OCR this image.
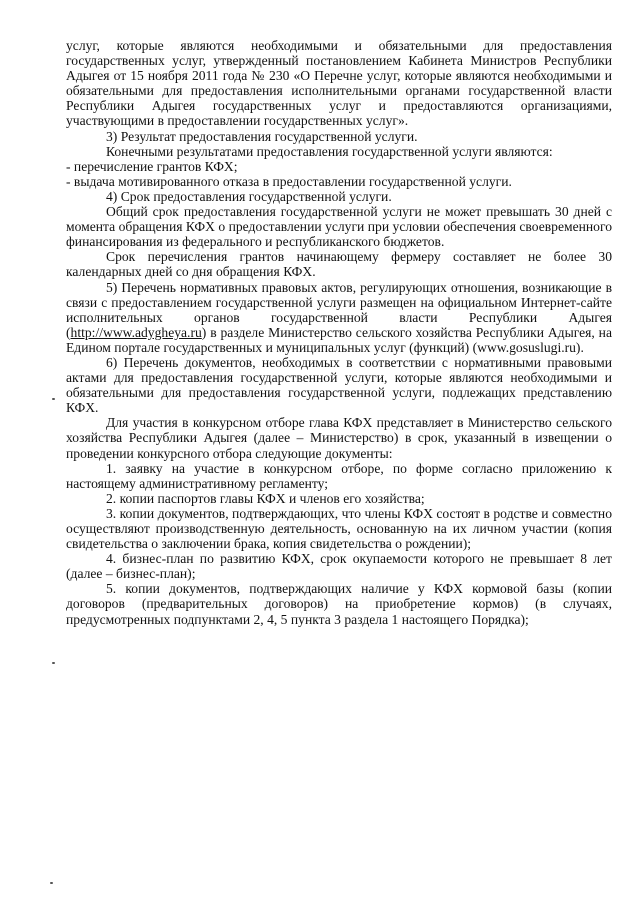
услуг, которые являются необходимыми и обязательными для предоставления государственных услуг, утвержденный постановлением Кабинета Министров Республики Адыгея от 15 ноября 2011 года № 230 «О Перечне услуг, которые являются необходимыми и обязательными для предоставления исполнительными органами государственной власти Республики Адыгея государственных услуг и предоставляются организациями, участвующими в предоставлении государственных услуг».

3) Результат предоставления государственной услуги.

Конечными результатами предоставления государственной услуги являются:

- перечисление грантов КФХ;

- выдача мотивированного отказа в предоставлении государственной услуги.

4) Срок предоставления государственной услуги.

Общий срок предоставления государственной услуги не может превышать 30 дней с момента обращения КФХ о предоставлении услуги при условии обеспечения своевременного финансирования из федерального и республиканского бюджетов.

Срок перечисления грантов начинающему фермеру составляет не более 30 календарных дней со дня обращения КФХ.

5) Перечень нормативных правовых актов, регулирующих отношения, возникающие в связи с предоставлением государственной услуги размещен на официальном Интернет-сайте исполнительных органов государственной власти Республики Адыгея (http://www.adygheya.ru) в разделе Министерство сельского хозяйства Республики Адыгея, на Едином портале государственных и муниципальных услуг (функций) (www.gosuslugi.ru).

6) Перечень документов, необходимых в соответствии с нормативными правовыми актами для предоставления государственной услуги, которые являются необходимыми и обязательными для предоставления государственной услуги, подлежащих представлению КФХ.

Для участия в конкурсном отборе глава КФХ представляет в Министерство сельского хозяйства Республики Адыгея (далее – Министерство) в срок, указанный в извещении о проведении конкурсного отбора следующие документы:

1. заявку на участие в конкурсном отборе, по форме согласно приложению к настоящему административному регламенту;

2. копии паспортов главы КФХ и членов его хозяйства;

3. копии документов, подтверждающих, что члены КФХ состоят в родстве и совместно осуществляют производственную деятельность, основанную на их личном участии (копия свидетельства о заключении брака, копия свидетельства о рождении);

4. бизнес-план по развитию КФХ, срок окупаемости которого не превышает 8 лет (далее – бизнес-план);

5. копии документов, подтверждающих наличие у КФХ кормовой базы (копии договоров (предварительных договоров) на приобретение кормов) (в случаях, предусмотренных подпунктами 2, 4, 5 пункта 3 раздела 1 настоящего Порядка);
